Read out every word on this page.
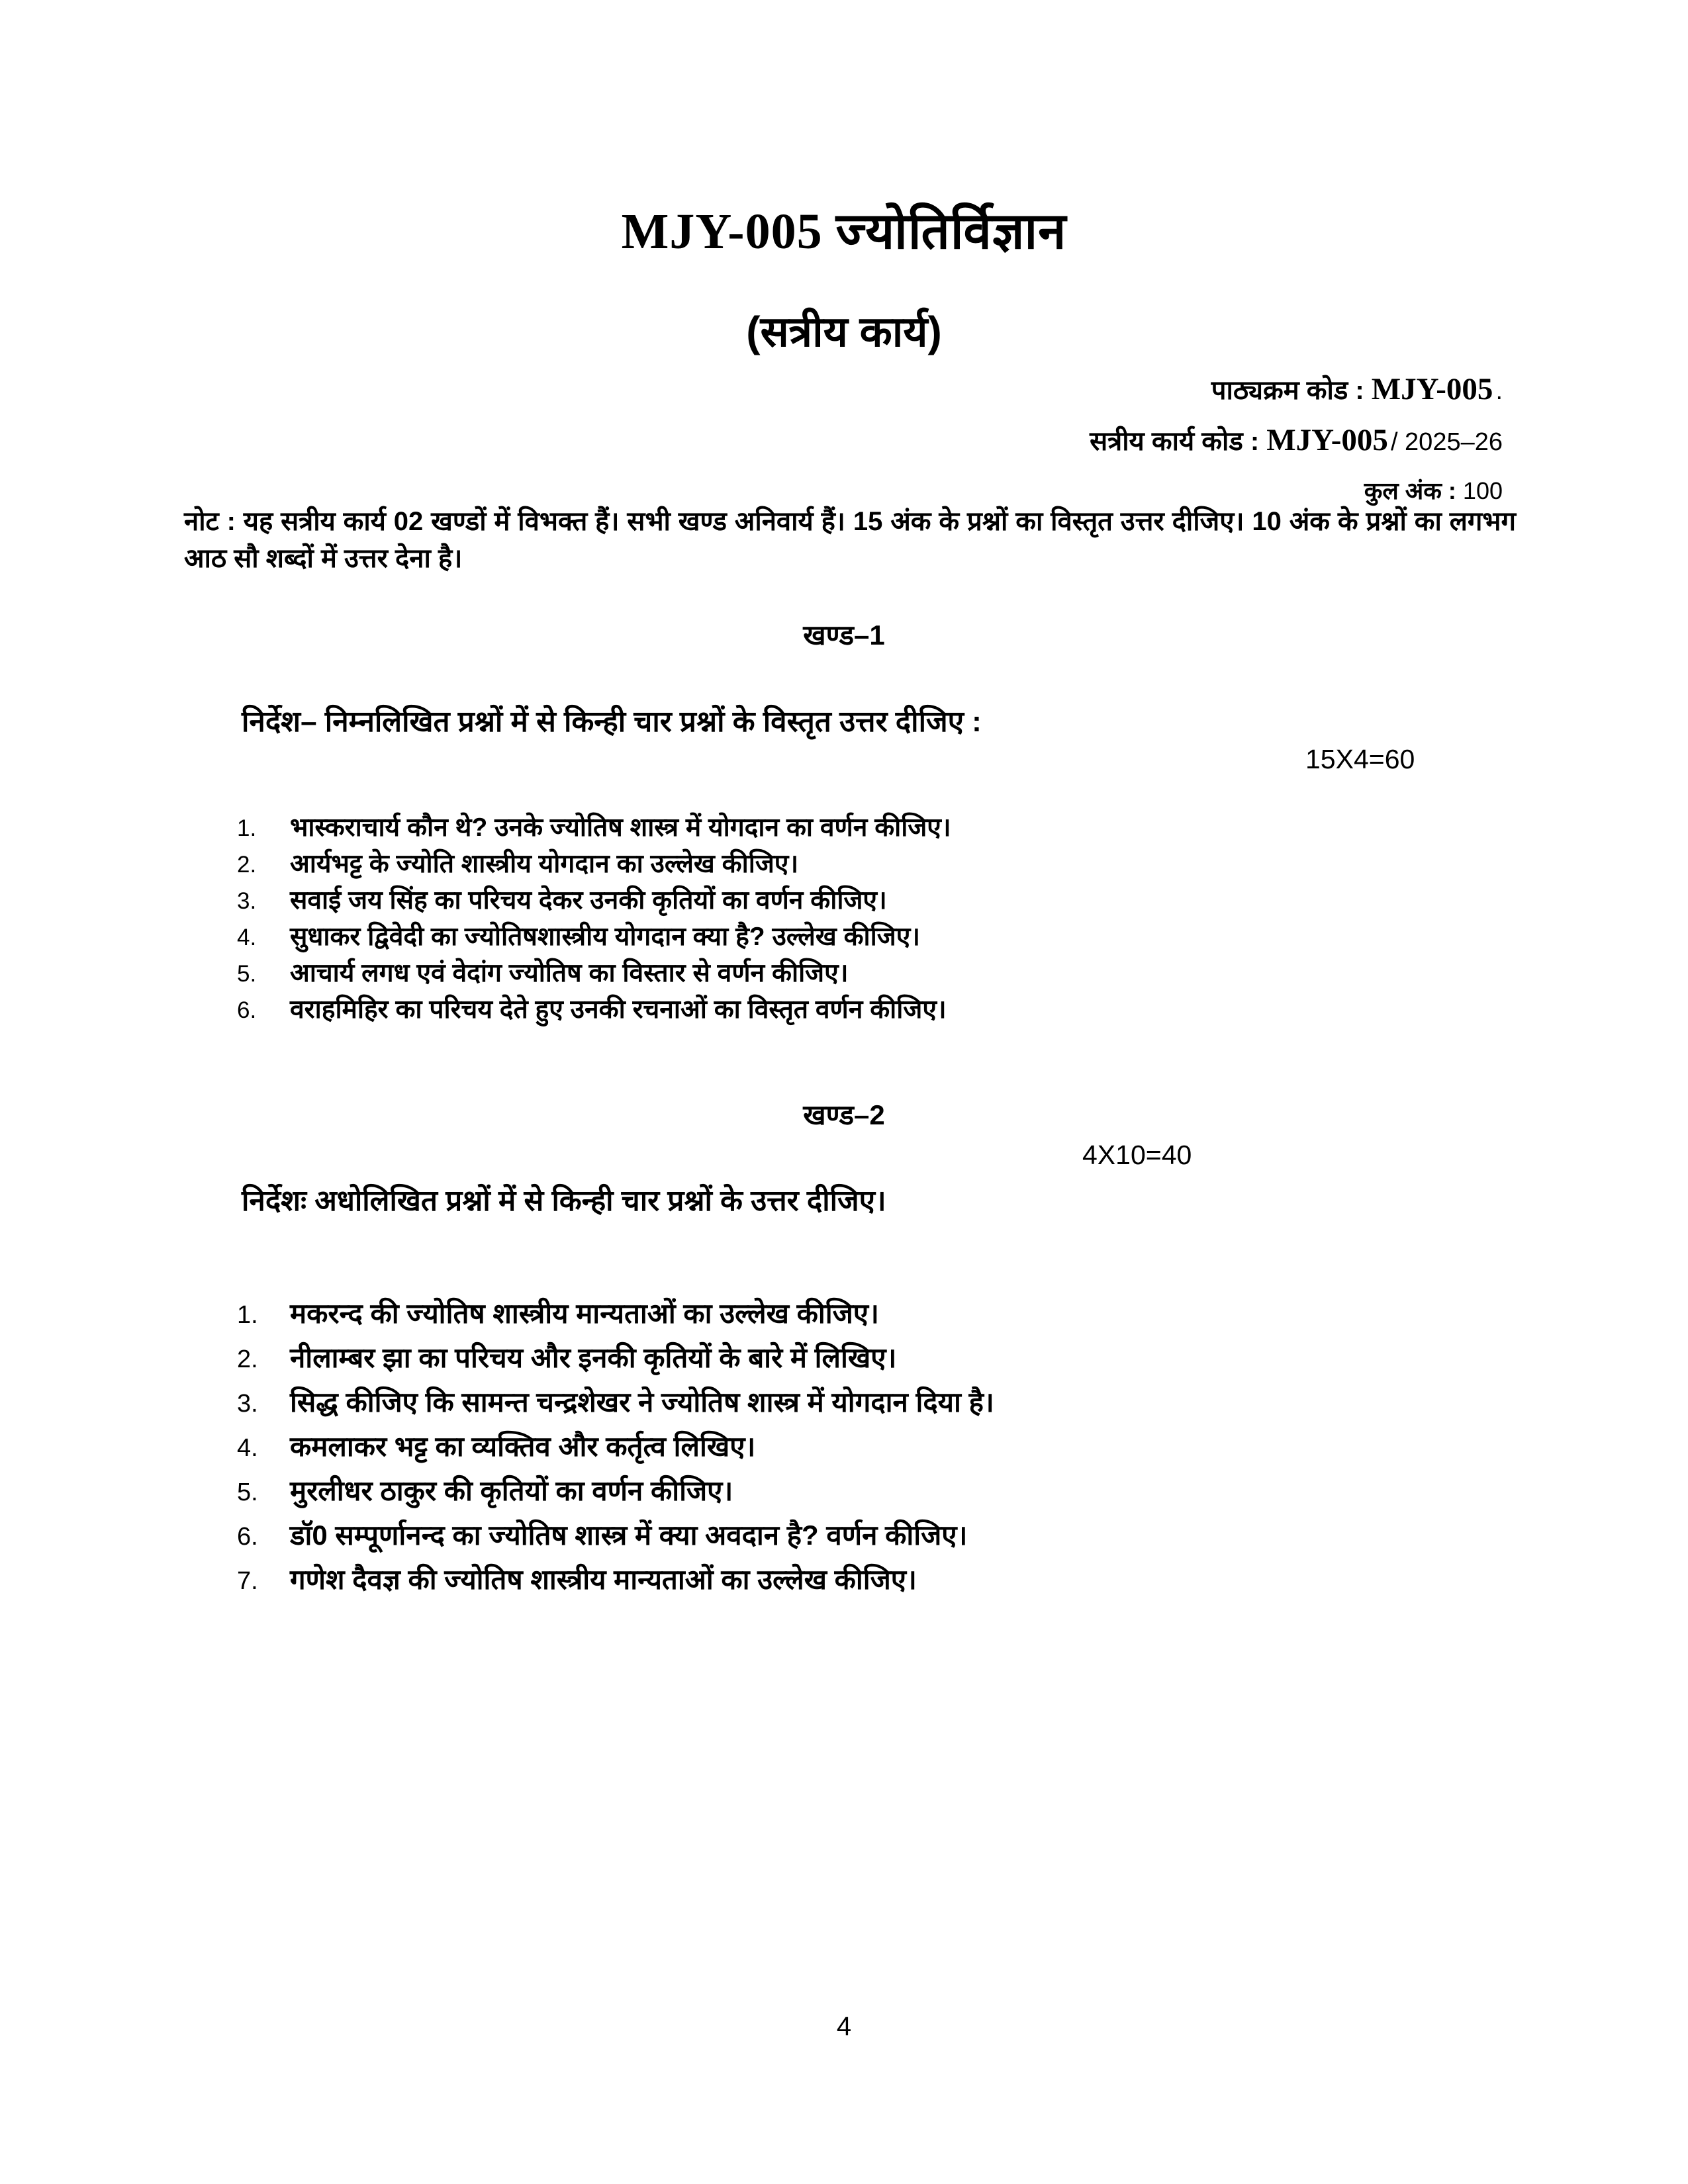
MJY-005 ज्योतिर्विज्ञान
(सत्रीय कार्य)
पाठ्यक्रम कोड : MJY-005 .
सत्रीय कार्य कोड : MJY-005 / 2025–26
कुल अंक : 100
नोट : यह सत्रीय कार्य 02 खण्डों में विभक्त हैं। सभी खण्ड अनिवार्य हैं। 15 अंक के प्रश्नों का विस्तृत उत्तर दीजिए। 10 अंक के प्रश्नों का लगभग आठ सौ शब्दों में उत्तर देना है।
खण्ड–1
निर्देश– निम्नलिखित प्रश्नों में से किन्ही चार प्रश्नों के विस्तृत उत्तर दीजिए :
15X4=60
1.	भास्कराचार्य कौन थे? उनके ज्योतिष शास्त्र में योगदान का वर्णन कीजिए।
2.	आर्यभट्ट के ज्योति शास्त्रीय योगदान का उल्लेख कीजिए।
3.	सवाई जय सिंह का परिचय देकर उनकी कृतियों का वर्णन कीजिए।
4.	सुधाकर द्विवेदी का ज्योतिषशास्त्रीय योगदान क्या है? उल्लेख कीजिए।
5.	आचार्य लगध एवं वेदांग ज्योतिष का विस्तार से वर्णन कीजिए।
6.	वराहमिहिर का परिचय देते हुए उनकी रचनाओं का विस्तृत वर्णन कीजिए।
खण्ड–2
4X10=40
निर्देशः अधोलिखित प्रश्नों में से किन्ही चार प्रश्नों के उत्तर दीजिए।
1.	मकरन्द की ज्योतिष शास्त्रीय मान्यताओं का उल्लेख कीजिए।
2.	नीलाम्बर झा का परिचय और इनकी कृतियों के बारे में लिखिए।
3.	सिद्ध कीजिए कि सामन्त चन्द्रशेखर ने ज्योतिष शास्त्र में योगदान दिया है।
4.	कमलाकर भट्ट का व्यक्तिव और कर्तृत्व लिखिए।
5.	मुरलीधर ठाकुर की कृतियों का वर्णन कीजिए।
6.	डॉ0 सम्पूर्णानन्द का ज्योतिष शास्त्र में क्या अवदान है? वर्णन कीजिए।
7.	गणेश दैवज्ञ की ज्योतिष शास्त्रीय मान्यताओं का उल्लेख कीजिए।
4
